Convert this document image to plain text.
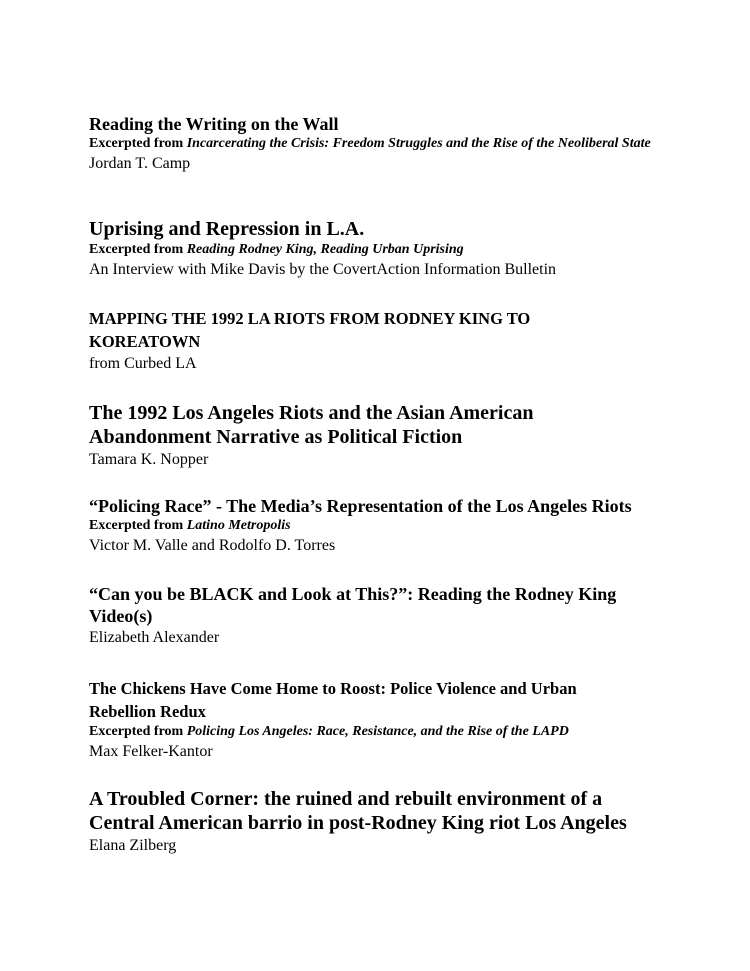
Reading the Writing on the Wall

Excerpted from Incarcerating the Crisis: Freedom Struggles and the Rise of the Neoliberal State

Jordan T. Camp

Uprising and Repression in L.A.

Excerpted from Reading Rodney King, Reading Urban Uprising

An Interview with Mike Davis by the CovertAction Information Bulletin

MAPPING THE 1992 LA RIOTS FROM RODNEY KING TO KOREATOWN

from Curbed LA

The 1992 Los Angeles Riots and the Asian American Abandonment Narrative as Political Fiction

Tamara K. Nopper

“Policing Race” - The Media’s Representation of the Los Angeles Riots

Excerpted from Latino Metropolis

Victor M. Valle and Rodolfo D. Torres

“Can you be BLACK and Look at This?”: Reading the Rodney King Video(s)

Elizabeth Alexander

The Chickens Have Come Home to Roost: Police Violence and Urban Rebellion Redux

Excerpted from Policing Los Angeles: Race, Resistance, and the Rise of the LAPD

Max Felker-Kantor

A Troubled Corner: the ruined and rebuilt environment of a Central American barrio in post-Rodney King riot Los Angeles

Elana Zilberg
